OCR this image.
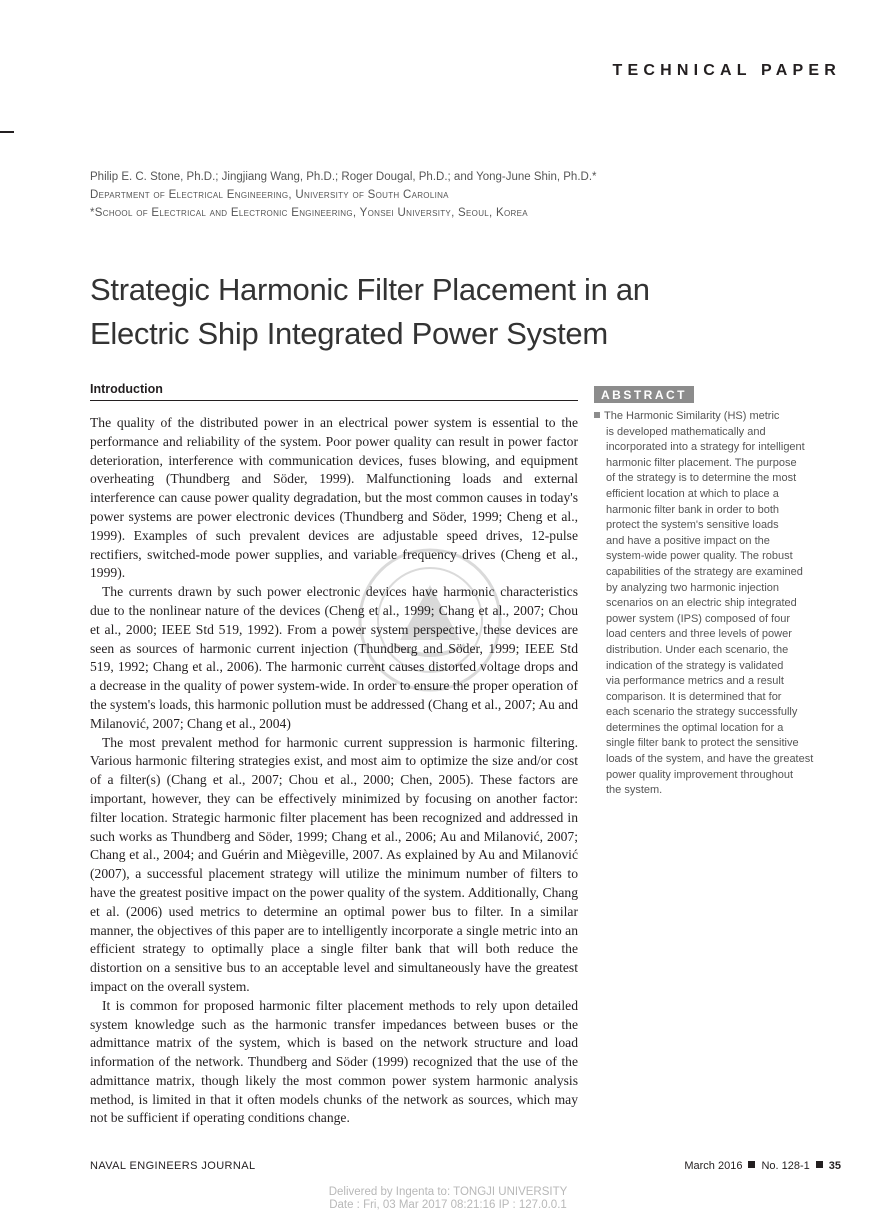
TECHNICAL PAPER
Philip E. C. Stone, Ph.D.; Jingjiang Wang, Ph.D.; Roger Dougal, Ph.D.; and Yong-June Shin, Ph.D.*
Department of Electrical Engineering, University of South Carolina
*School of Electrical and Electronic Engineering, Yonsei University, Seoul, Korea
Strategic Harmonic Filter Placement in an Electric Ship Integrated Power System
Introduction

The quality of the distributed power in an electrical power system is essential to the performance and reliability of the system. Poor power quality can result in power factor deterioration, interference with communication devices, fuses blowing, and equipment overheating (Thundberg and Söder, 1999). Malfunctioning loads and external interference can cause power quality degradation, but the most common causes in today's power systems are power electronic devices (Thundberg and Söder, 1999; Cheng et al., 1999). Examples of such prevalent devices are adjustable speed drives, 12-pulse rectifiers, switched-mode power supplies, and variable frequency drives (Cheng et al., 1999).

The currents drawn by such power electronic devices have harmonic characteristics due to the nonlinear nature of the devices (Cheng et al., 1999; Chang et al., 2007; Chou et al., 2000; IEEE Std 519, 1992). From a power system perspective, these devices are seen as sources of harmonic current injection (Thundberg and Söder, 1999; IEEE Std 519, 1992; Chang et al., 2006). The harmonic current causes distorted voltage drops and a decrease in the quality of power system-wide. In order to ensure the proper operation of the system's loads, this harmonic pollution must be addressed (Chang et al., 2007; Au and Milanović, 2007; Chang et al., 2004)

The most prevalent method for harmonic current suppression is harmonic filtering. Various harmonic filtering strategies exist, and most aim to optimize the size and/or cost of a filter(s) (Chang et al., 2007; Chou et al., 2000; Chen, 2005). These factors are important, however, they can be effectively minimized by focusing on another factor: filter location. Strategic harmonic filter placement has been recognized and addressed in such works as Thundberg and Söder, 1999; Chang et al., 2006; Au and Milanović, 2007; Chang et al., 2004; and Guérin and Miègeville, 2007. As explained by Au and Milanović (2007), a successful placement strategy will utilize the minimum number of filters to have the greatest positive impact on the power quality of the system. Additionally, Chang et al. (2006) used metrics to determine an optimal power bus to filter. In a similar manner, the objectives of this paper are to intelligently incorporate a single metric into an efficient strategy to optimally place a single filter bank that will both reduce the distortion on a sensitive bus to an acceptable level and simultaneously have the greatest impact on the overall system.

It is common for proposed harmonic filter placement methods to rely upon detailed system knowledge such as the harmonic transfer impedances between buses or the admittance matrix of the system, which is based on the network structure and load information of the network. Thundberg and Söder (1999) recognized that the use of the admittance matrix, though likely the most common power system harmonic analysis method, is limited in that it often models chunks of the network as sources, which may not be sufficient if operating conditions change.

ABSTRACT
The Harmonic Similarity (HS) metric
is developed mathematically and
incorporated into a strategy for intelligent
harmonic filter placement. The purpose
of the strategy is to determine the most
efficient location at which to place a
harmonic filter bank in order to both
protect the system's sensitive loads
and have a positive impact on the
system-wide power quality. The robust
capabilities of the strategy are examined
by analyzing two harmonic injection
scenarios on an electric ship integrated
power system (IPS) composed of four
load centers and three levels of power
distribution. Under each scenario, the
indication of the strategy is validated
via performance metrics and a result
comparison. It is determined that for
each scenario the strategy successfully
determines the optimal location for a
single filter bank to protect the sensitive
loads of the system, and have the greatest
power quality improvement throughout
the system.
NAVAL ENGINEERS JOURNAL	March 2016 No. 128-1 35
Delivered by Ingenta to: TONGJI UNIVERSITY
Date : Fri, 03 Mar 2017 08:21:16 IP : 127.0.0.1
